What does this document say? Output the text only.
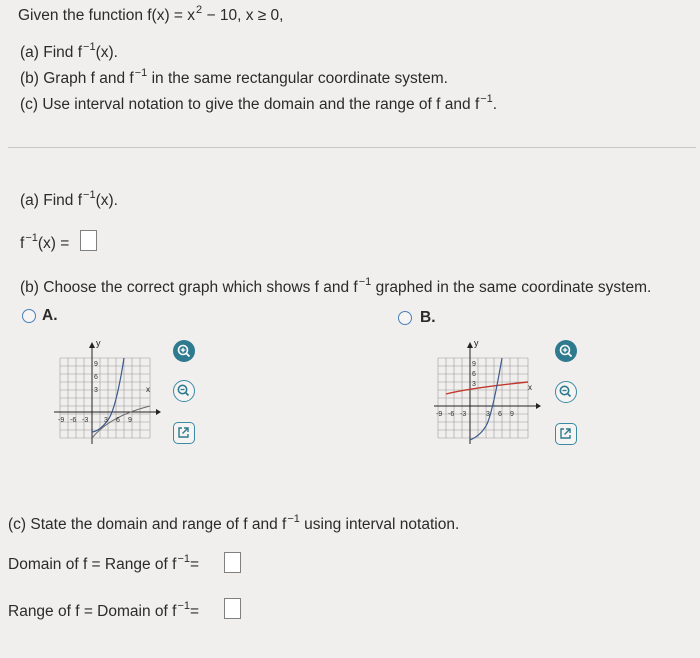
Given the function $f(x) = x^2 - 10$, x ≥ 0,
(a) Find $f^{-1}(x)$.
(b) Graph f and $f^{-1}$ in the same rectangular coordinate system.
(c) Use interval notation to give the domain and the range of f and $f^{-1}$.
(a) Find $f^{-1}(x)$.
$f^{-1}(x)$ =
(b) Choose the correct graph which shows f and $f^{-1}$ graphed in the same coordinate system.
A.
y
x
9
6
3
-9 -6 -3 3 6 9
B.
y
x
9
6
3
-9 -6 -3	3 6 9
(c) State the domain and range of f and $f^{-1}$ using interval notation.
Domain of f = Range of $f^{-1}=$
Range of f = Domain of $f^{-1}=$
